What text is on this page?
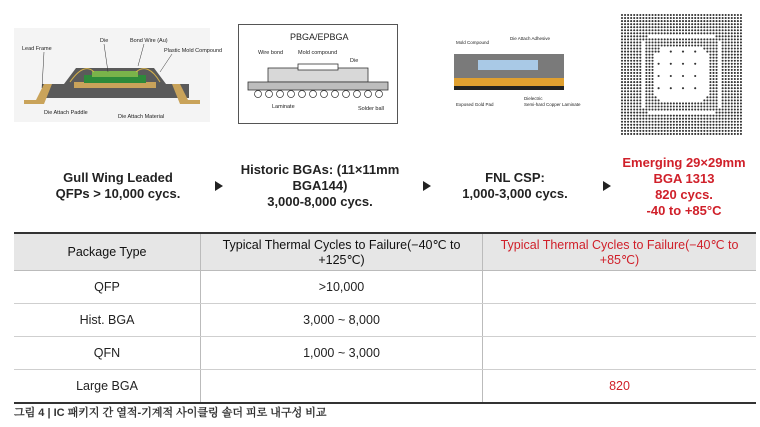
Lead Frame
Die	Bond Wire (Au)
Plastic Mold Compound
Die Attach Paddle
Die Attach Material
PBGA/EPBGA
Wire bond	Mold compound
Die
Laminate	Solder ball
Mold Compound
Die Attach Adhesive
Exposed Gold Pad
Dielectric
Semi-hard Copper Laminate
Gull Wing Leaded
QFPs > 10,000 cycs.
Historic BGAs: (11×11mm
BGA144)
3,000-8,000 cycs.
FNL CSP:
1,000-3,000 cycs.
Emerging 29×29mm
BGA 1313
820 cycs.
-40 to +85°C
Package Type	Typical Thermal Cycles to Failure(−40℃ to +125℃)	Typical Thermal Cycles to Failure(−40℃ to +85℃)
QFP	>10,000	
Hist. BGA	3,000 ~ 8,000	
QFN	1,000 ~ 3,000	
Large BGA		820
그림 4 | IC 패키지 간 열적-기계적 사이클링 솔더 피로 내구성 비교
